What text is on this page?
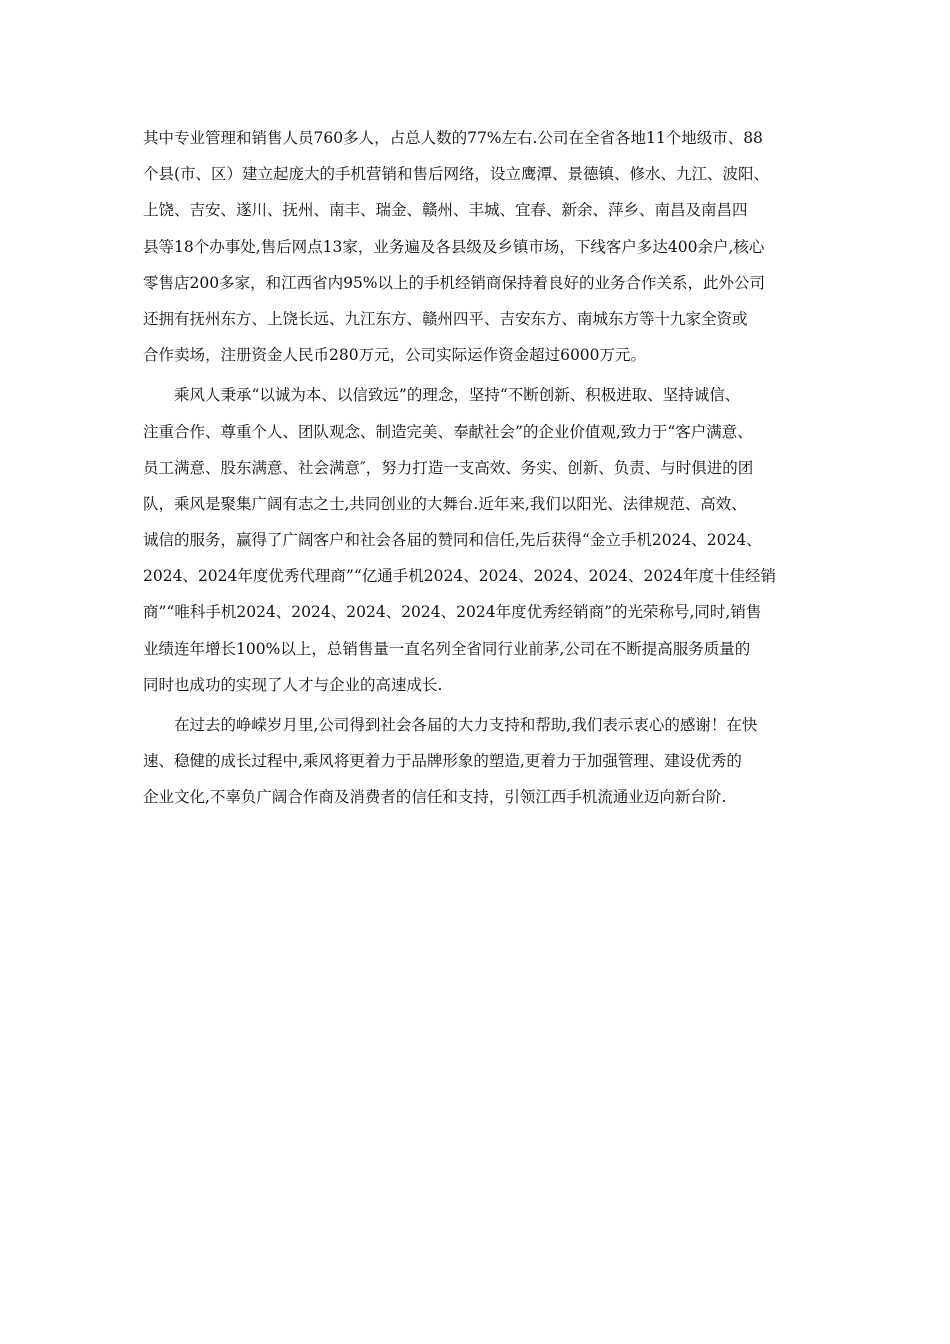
其中专业管理和销售人员760多人，占总人数的77%左右.公司在全省各地11个地级市、88
个县(市、区）建立起庞大的手机营销和售后网络，设立鹰潭、景德镇、修水、九江、波阳、
上饶、吉安、遂川、抚州、南丰、瑞金、赣州、丰城、宜春、新余、萍乡、南昌及南昌四
县等18个办事处,售后网点13家，业务遍及各县级及乡镇市场，下线客户多达400余户,核心
零售店200多家，和江西省内95%以上的手机经销商保持着良好的业务合作关系，此外公司
还拥有抚州东方、上饶长远、九江东方、赣州四平、吉安东方、南城东方等十九家全资或
合作卖场，注册资金人民币280万元，公司实际运作资金超过6000万元。
　　乘风人秉承“以诚为本、以信致远”的理念，坚持“不断创新、积极进取、坚持诚信、
注重合作、尊重个人、团队观念、制造完美、奉献社会”的企业价值观,致力于“客户满意、
员工满意、股东满意、社会满意″，努力打造一支高效、务实、创新、负责、与时俱进的团
队，乘风是聚集广阔有志之士,共同创业的大舞台.近年来,我们以阳光、法律规范、高效、
诚信的服务，赢得了广阔客户和社会各届的赞同和信任,先后获得“金立手机2024、2024、
2024、2024年度优秀代理商”“亿通手机2024、2024、2024、2024、2024年度十佳经销
商”“唯科手机2024、2024、2024、2024、2024年度优秀经销商”的光荣称号,同时,销售
业绩连年增长100%以上，总销售量一直名列全省同行业前茅,公司在不断提高服务质量的
同时也成功的实现了人才与企业的高速成长.
　　在过去的峥嵘岁月里,公司得到社会各届的大力支持和帮助,我们表示衷心的感谢！在快
速、稳健的成长过程中,乘风将更着力于品牌形象的塑造,更着力于加强管理、建设优秀的
企业文化,不辜负广阔合作商及消费者的信任和支持，引领江西手机流通业迈向新台阶.
